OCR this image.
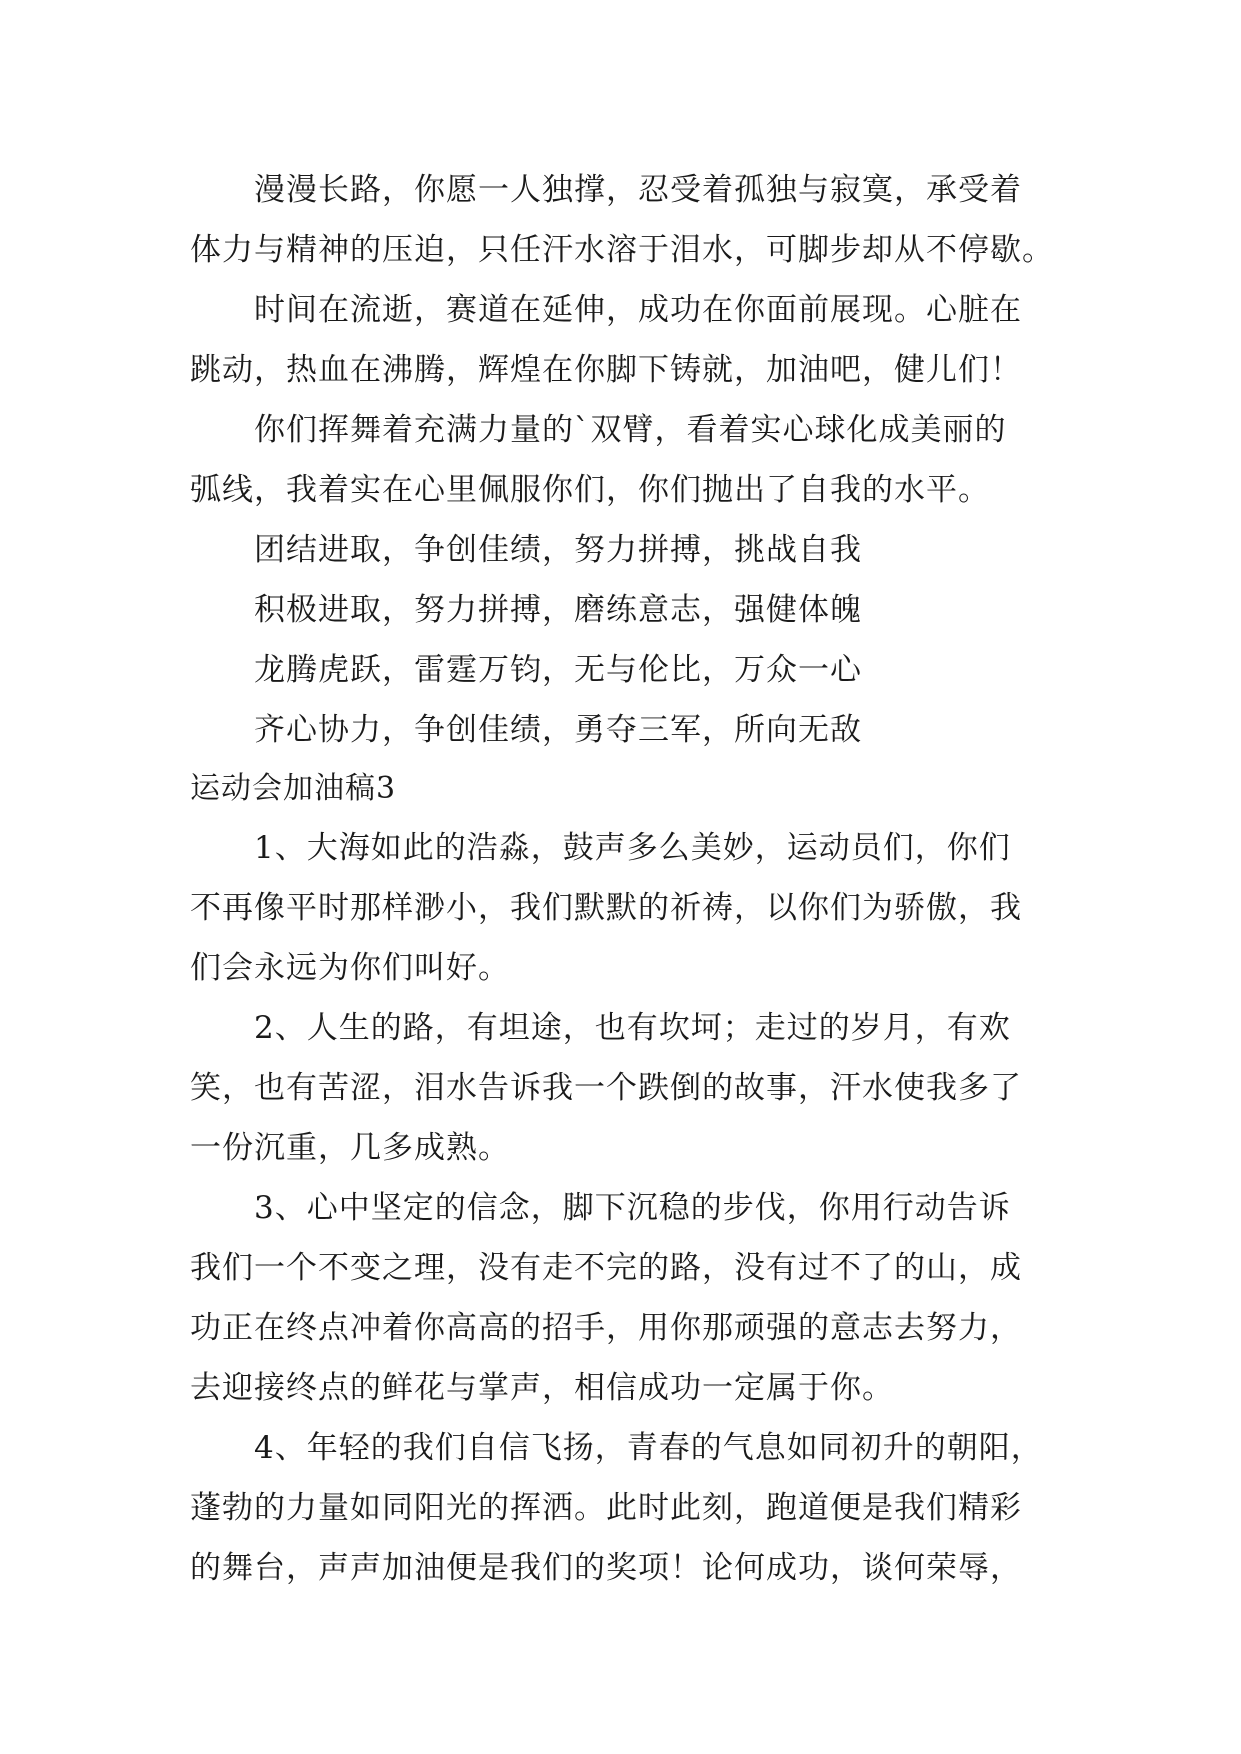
漫漫长路，你愿一人独撑，忍受着孤独与寂寞，承受着
体力与精神的压迫，只任汗水溶于泪水，可脚步却从不停歇。
时间在流逝，赛道在延伸，成功在你面前展现。心脏在
跳动，热血在沸腾，辉煌在你脚下铸就，加油吧，健儿们！
你们挥舞着充满力量的`双臂，看着实心球化成美丽的
弧线，我着实在心里佩服你们，你们抛出了自我的水平。
团结进取，争创佳绩，努力拼搏，挑战自我
积极进取，努力拼搏，磨练意志，强健体魄
龙腾虎跃，雷霆万钧，无与伦比，万众一心
齐心协力，争创佳绩，勇夺三军，所向无敌
运动会加油稿3
1、大海如此的浩淼，鼓声多么美妙，运动员们，你们
不再像平时那样渺小，我们默默的祈祷，以你们为骄傲，我
们会永远为你们叫好。
2、人生的路，有坦途，也有坎坷；走过的岁月，有欢
笑，也有苦涩，泪水告诉我一个跌倒的故事，汗水使我多了
一份沉重，几多成熟。
3、心中坚定的信念，脚下沉稳的步伐，你用行动告诉
我们一个不变之理，没有走不完的路，没有过不了的山，成
功正在终点冲着你高高的招手，用你那顽强的意志去努力，
去迎接终点的鲜花与掌声，相信成功一定属于你。
4、年轻的我们自信飞扬，青春的气息如同初升的朝阳，
蓬勃的力量如同阳光的挥洒。此时此刻，跑道便是我们精彩
的舞台，声声加油便是我们的奖项！论何成功，谈何荣辱，
